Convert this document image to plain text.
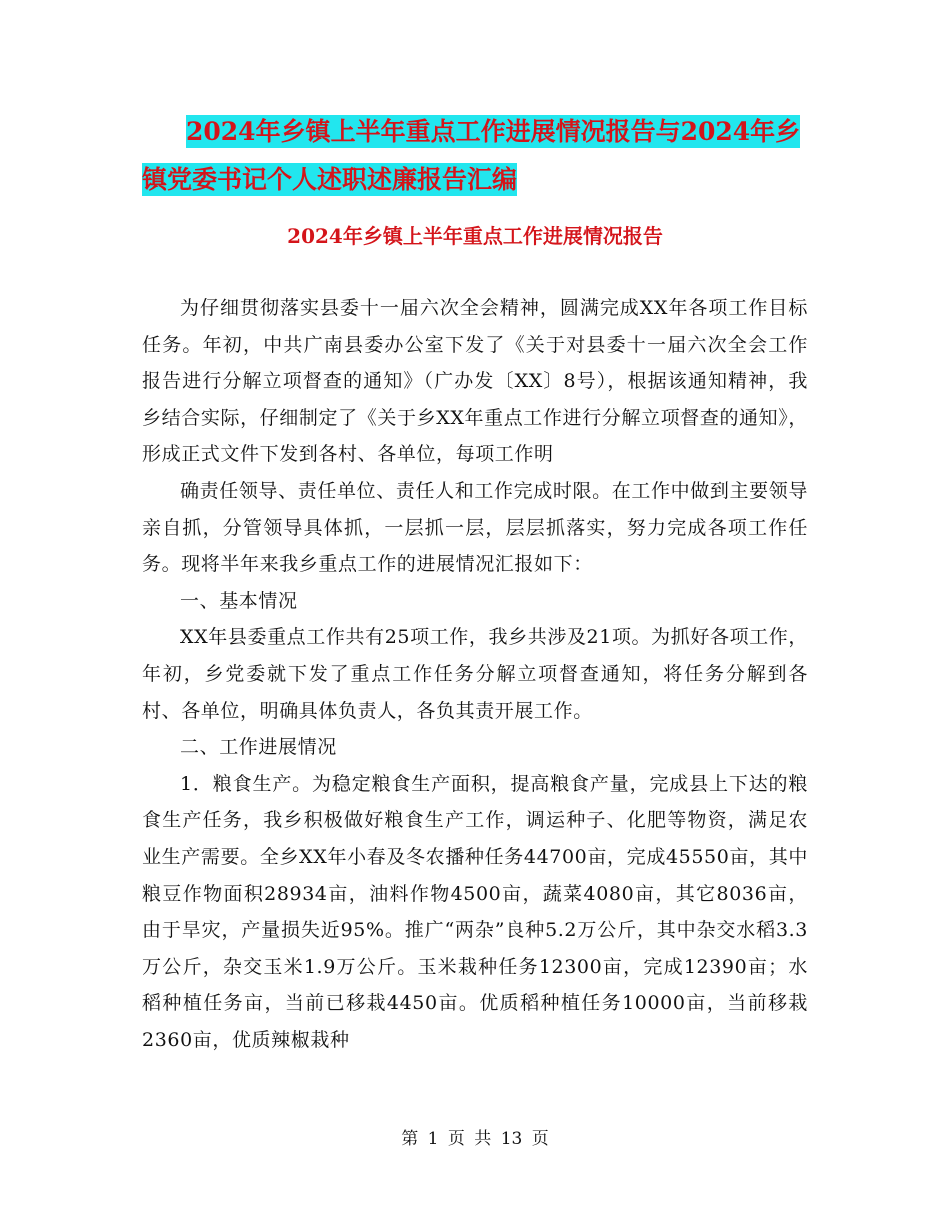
2024年乡镇上半年重点工作进展情况报告与2024年乡
镇党委书记个人述职述廉报告汇编
2024年乡镇上半年重点工作进展情况报告

为仔细贯彻落实县委十一届六次全会精神，圆满完成XX年各项工作目标任务。年初，中共广南县委办公室下发了《关于对县委十一届六次全会工作报告进行分解立项督查的通知》（广办发〔XX〕8号），根据该通知精神，我乡结合实际，仔细制定了《关于乡XX年重点工作进行分解立项督查的通知》，形成正式文件下发到各村、各单位，每项工作明

确责任领导、责任单位、责任人和工作完成时限。在工作中做到主要领导亲自抓，分管领导具体抓，一层抓一层，层层抓落实，努力完成各项工作任务。现将半年来我乡重点工作的进展情况汇报如下：

一、基本情况

XX年县委重点工作共有25项工作，我乡共涉及21项。为抓好各项工作，年初，乡党委就下发了重点工作任务分解立项督查通知，将任务分解到各村、各单位，明确具体负责人，各负其责开展工作。

二、工作进展情况

1．粮食生产。为稳定粮食生产面积，提高粮食产量，完成县上下达的粮食生产任务，我乡积极做好粮食生产工作，调运种子、化肥等物资，满足农业生产需要。全乡XX年小春及冬农播种任务44700亩，完成45550亩，其中粮豆作物面积28934亩，油料作物4500亩，蔬菜4080亩，其它8036亩，由于旱灾，产量损失近95%。推广“两杂”良种5.2万公斤，其中杂交水稻3.3万公斤，杂交玉米1.9万公斤。玉米栽种任务12300亩，完成12390亩；水稻种植任务亩，当前已移栽4450亩。优质稻种植任务10000亩，当前移栽2360亩，优质辣椒栽种

第 1 页 共 13 页
